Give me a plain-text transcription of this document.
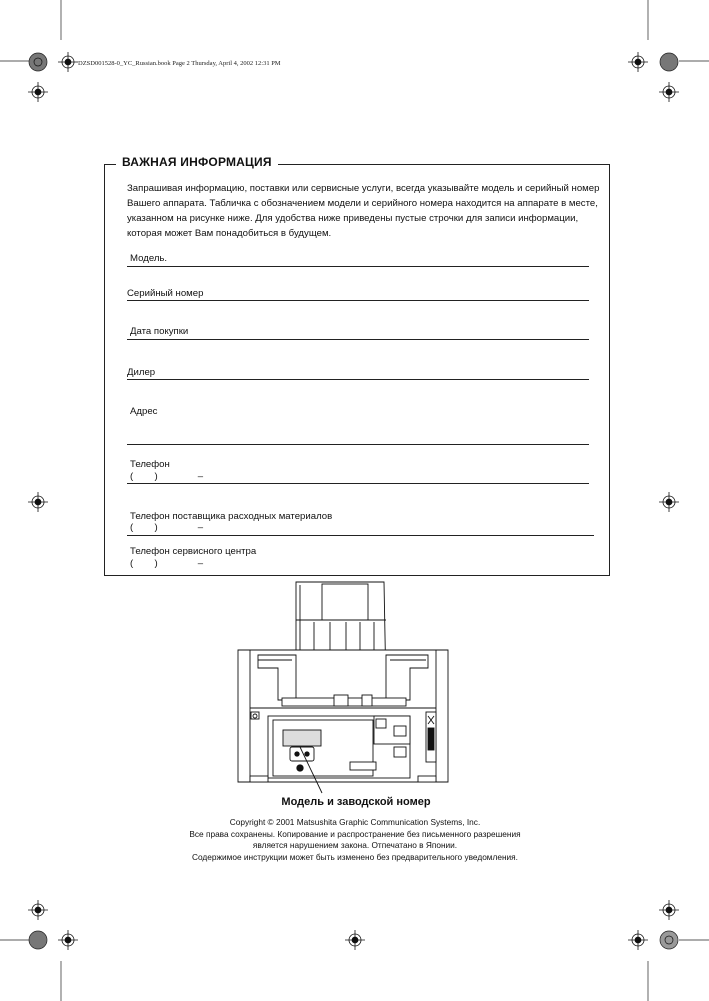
DZSD001528-0_YC_Russian.book Page 2 Thursday, April 4, 2002 12:31 PM
ВАЖНАЯ ИНФОРМАЦИЯ
Запрашивая информацию, поставки или сервисные услуги, всегда указывайте модель и серийный номер Вашего аппарата. Табличка с обозначением модели и серийного номера находится на аппарате в месте, указанном на рисунке ниже. Для удобства ниже приведены пустые строчки для записи информации, которая может Вам понадобиться в будущем.
Модель.
Серийный номер
Дата покупки
Дилер
Адрес
Телефон
(        )               –
Телефон поставщика расходных материалов
(        )               –
Телефон сервисного центра
(        )               –
Модель и заводской номер
Copyright © 2001 Matsushita Graphic Communication Systems, Inc.
Все права сохранены. Копирование и распространение без письменного разрешения
является нарушением закона. Отпечатано в Японии.
Содержимое инструкции может быть изменено без предварительного уведомления.
